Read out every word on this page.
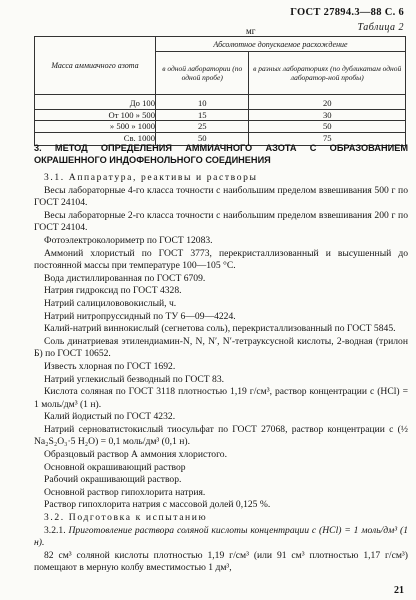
ГОСТ 27894.3—88 С. 6
Таблица 2
мг
Масса аммиачного азота	Абсолютное допускаемое расхождение	
	в одной лаборатории (по одной пробе)	в разных лабораториях (по дубликатам одной лаборатор-ной пробы)
До 100	10	20
От 100 » 500	15	30
» 500 » 1000	25	50
Св. 1000	50	75

3. МЕТОД ОПРЕДЕЛЕНИЯ АММИАЧНОГО АЗОТА С ОБРАЗОВАНИЕМ ОКРАШЕННОГО ИНДОФЕНОЛЬНОГО СОЕДИНЕНИЯ

3.1. Аппаратура, реактивы и растворы

Весы лабораторные 4-го класса точности с наибольшим пределом взвешивания 500 г по ГОСТ 24104.

Весы лабораторные 2-го класса точности с наибольшим пределом взвешивания 200 г по ГОСТ 24104.

Фотоэлектроколориметр по ГОСТ 12083.

Аммоний хлористый по ГОСТ 3773, перекристаллизованный и высушенный до постоянной массы при температуре 100—105 °С.

Вода дистиллированная по ГОСТ 6709.

Натрия гидроксид по ГОСТ 4328.

Натрий салицилововокислый, ч.

Натрий нитропруссидный по ТУ 6—09—4224.

Калий-натрий виннокислый (сегнетова соль), перекристаллизованный по ГОСТ 5845.

Соль динатриевая этилендиамин-N, N, N′, N′-тетрауксусной кислоты, 2-водная (трилон Б) по ГОСТ 10652.

Известь хлорная по ГОСТ 1692.

Натрий углекислый безводный по ГОСТ 83.

Кислота соляная по ГОСТ 3118 плотностью 1,19 г/см³, раствор концентрации с (НСl) = 1 моль/дм³ (1 н).

Калий йодистый по ГОСТ 4232.

Натрий серноватистокислый тиосульфат по ГОСТ 27068, раствор концентрации с (½ Na₂S₂O₃·5 H₂O) = 0,1 моль/дм³ (0,1 н).

Образцовый раствор А аммония хлористого.

Основной окрашивающий раствор

Рабочий окрашивающий раствор.

Основной раствор гипохлорита натрия.

Раствор гипохлорита натрия с массовой долей 0,125 %.

3.2. Подготовка к испытанию

3.2.1. Приготовление раствора соляной кислоты концентрации с (НСl) = 1 моль/дм³ (1 н).

82 см³ соляной кислоты плотностью 1,19 г/см³ (или 91 см³ плотностью 1,17 г/см³) помещают в мерную колбу вместимостью 1 дм³,

21
